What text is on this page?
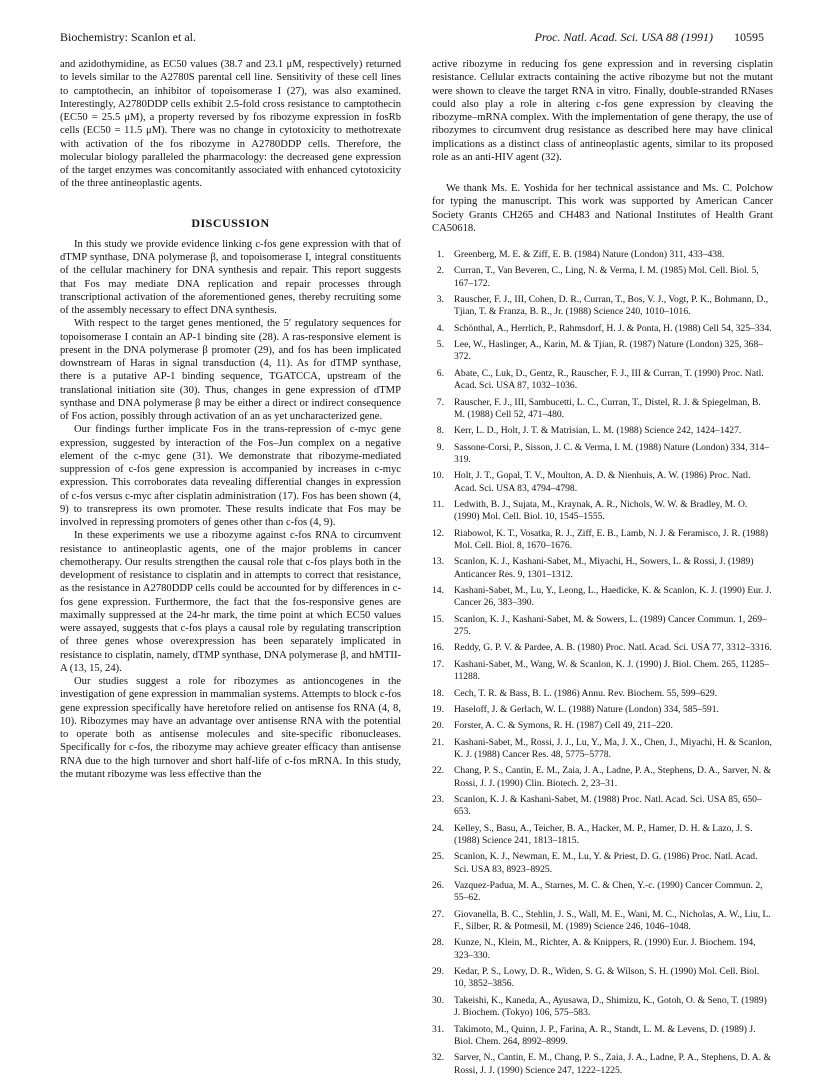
Biochemistry: Scanlon et al.	Proc. Natl. Acad. Sci. USA 88 (1991) 10595

and azidothymidine, as EC50 values (38.7 and 23.1 μM, respectively) returned to levels similar to the A2780S parental cell line. Sensitivity of these cell lines to camptothecin, an inhibitor of topoisomerase I (27), was also examined. Interestingly, A2780DDP cells exhibit 2.5-fold cross resistance to camptothecin (EC50 = 25.5 μM), a property reversed by fos ribozyme expression in fosRb cells (EC50 = 11.5 μM). There was no change in cytotoxicity to methotrexate with activation of the fos ribozyme in A2780DDP cells. Therefore, the molecular biology paralleled the pharmacology: the decreased gene expression of the target enzymes was concomitantly associated with enhanced cytotoxicity of the three antineoplastic agents.

DISCUSSION

In this study we provide evidence linking c-fos gene expression with that of dTMP synthase, DNA polymerase β, and topoisomerase I, integral constituents of the cellular machinery for DNA synthesis and repair. This report suggests that Fos may mediate DNA replication and repair processes through transcriptional activation of the aforementioned genes, thereby recruiting some of the assembly necessary to effect DNA synthesis.

With respect to the target genes mentioned, the 5′ regulatory sequences for topoisomerase I contain an AP-1 binding site (28). A ras-responsive element is present in the DNA polymerase β promoter (29), and fos has been implicated downstream of Haras in signal transduction (4, 11). As for dTMP synthase, there is a putative AP-1 binding sequence, TGATCCA, upstream of the translational initiation site (30). Thus, changes in gene expression of dTMP synthase and DNA polymerase β may be either a direct or indirect consequence of Fos action, possibly through activation of an as yet uncharacterized gene.

Our findings further implicate Fos in the trans-repression of c-myc gene expression, suggested by interaction of the Fos–Jun complex on a negative element of the c-myc gene (31). We demonstrate that ribozyme-mediated suppression of c-fos gene expression is accompanied by increases in c-myc expression. This corroborates data revealing differential changes in expression of c-fos versus c-myc after cisplatin administration (17). Fos has been shown (4, 9) to transrepress its own promoter. These results indicate that Fos may be involved in repressing promoters of genes other than c-fos (4, 9).

In these experiments we use a ribozyme against c-fos RNA to circumvent resistance to antineoplastic agents, one of the major problems in cancer chemotherapy. Our results strengthen the causal role that c-fos plays both in the development of resistance to cisplatin and in attempts to correct that resistance, as the resistance in A2780DDP cells could be accounted for by differences in c-fos gene expression. Furthermore, the fact that the fos-responsive genes are maximally suppressed at the 24-hr mark, the time point at which EC50 values were assayed, suggests that c-fos plays a causal role by regulating transcription of three genes whose overexpression has been separately implicated in resistance to cisplatin, namely, dTMP synthase, DNA polymerase β, and hMTII-A (13, 15, 24).

Our studies suggest a role for ribozymes as antioncogenes in the investigation of gene expression in mammalian systems. Attempts to block c-fos gene expression specifically have heretofore relied on antisense fos RNA (4, 8, 10). Ribozymes may have an advantage over antisense RNA with the potential to operate both as antisense molecules and site-specific ribonucleases. Specifically for c-fos, the ribozyme may achieve greater efficacy than antisense RNA due to the high turnover and short half-life of c-fos mRNA. In this study, the mutant ribozyme was less effective than the

active ribozyme in reducing fos gene expression and in reversing cisplatin resistance. Cellular extracts containing the active ribozyme but not the mutant were shown to cleave the target RNA in vitro. Finally, double-stranded RNases could also play a role in altering c-fos gene expression by cleaving the ribozyme–mRNA complex. With the implementation of gene therapy, the use of ribozymes to circumvent drug resistance as described here may have clinical implications as a distinct class of antineoplastic agents, similar to its proposed role as an anti-HIV agent (32).

We thank Ms. E. Yoshida for her technical assistance and Ms. C. Polchow for typing the manuscript. This work was supported by American Cancer Society Grants CH265 and CH483 and National Institutes of Health Grant CA50618.

1. Greenberg, M. E. & Ziff, E. B. (1984) Nature (London) 311, 433–438.
2. Curran, T., Van Beveren, C., Ling, N. & Verma, I. M. (1985) Mol. Cell. Biol. 5, 167–172.
3. Rauscher, F. J., III, Cohen, D. R., Curran, T., Bos, V. J., Vogt, P. K., Bohmann, D., Tjian, T. & Franza, B. R., Jr. (1988) Science 240, 1010–1016.
4. Schönthal, A., Herrlich, P., Rahmsdorf, H. J. & Ponta, H. (1988) Cell 54, 325–334.
5. Lee, W., Haslinger, A., Karin, M. & Tjian, R. (1987) Nature (London) 325, 368–372.
6. Abate, C., Luk, D., Gentz, R., Rauscher, F. J., III & Curran, T. (1990) Proc. Natl. Acad. Sci. USA 87, 1032–1036.
7. Rauscher, F. J., III, Sambucetti, L. C., Curran, T., Distel, R. J. & Spiegelman, B. M. (1988) Cell 52, 471–480.
8. Kerr, L. D., Holt, J. T. & Matrisian, L. M. (1988) Science 242, 1424–1427.
9. Sassone-Corsi, P., Sisson, J. C. & Verma, I. M. (1988) Nature (London) 334, 314–319.
10. Holt, J. T., Gopal, T. V., Moulton, A. D. & Nienhuis, A. W. (1986) Proc. Natl. Acad. Sci. USA 83, 4794–4798.
11. Ledwith, B. J., Sujata, M., Kraynak, A. R., Nichols, W. W. & Bradley, M. O. (1990) Mol. Cell. Biol. 10, 1545–1555.
12. Riabowol, K. T., Vosatka, R. J., Ziff, E. B., Lamb, N. J. & Feramisco, J. R. (1988) Mol. Cell. Biol. 8, 1670–1676.
13. Scanlon, K. J., Kashani-Sabet, M., Miyachi, H., Sowers, L. & Rossi, J. (1989) Anticancer Res. 9, 1301–1312.
14. Kashani-Sabet, M., Lu, Y., Leong, L., Haedicke, K. & Scanlon, K. J. (1990) Eur. J. Cancer 26, 383–390.
15. Scanlon, K. J., Kashani-Sabet, M. & Sowers, L. (1989) Cancer Commun. 1, 269–275.
16. Reddy, G. P. V. & Pardee, A. B. (1980) Proc. Natl. Acad. Sci. USA 77, 3312–3316.
17. Kashani-Sabet, M., Wang, W. & Scanlon, K. J. (1990) J. Biol. Chem. 265, 11285–11288.
18. Cech, T. R. & Bass, B. L. (1986) Annu. Rev. Biochem. 55, 599–629.
19. Haseloff, J. & Gerlach, W. L. (1988) Nature (London) 334, 585–591.
20. Forster, A. C. & Symons, R. H. (1987) Cell 49, 211–220.
21. Kashani-Sabet, M., Rossi, J. J., Lu, Y., Ma, J. X., Chen, J., Miyachi, H. & Scanlon, K. J. (1988) Cancer Res. 48, 5775–5778.
22. Chang, P. S., Cantin, E. M., Zaia, J. A., Ladne, P. A., Stephens, D. A., Sarver, N. & Rossi, J. J. (1990) Clin. Biotech. 2, 23–31.
23. Scanlon, K. J. & Kashani-Sabet, M. (1988) Proc. Natl. Acad. Sci. USA 85, 650–653.
24. Kelley, S., Basu, A., Teicher, B. A., Hacker, M. P., Hamer, D. H. & Lazo, J. S. (1988) Science 241, 1813–1815.
25. Scanlon, K. J., Newman, E. M., Lu, Y. & Priest, D. G. (1986) Proc. Natl. Acad. Sci. USA 83, 8923–8925.
26. Vazquez-Padua, M. A., Starnes, M. C. & Chen, Y.-c. (1990) Cancer Commun. 2, 55–62.
27. Giovanella, B. C., Stehlin, J. S., Wall, M. E., Wani, M. C., Nicholas, A. W., Liu, L. F., Silber, R. & Potmesil, M. (1989) Science 246, 1046–1048.
28. Kunze, N., Klein, M., Richter, A. & Knippers, R. (1990) Eur. J. Biochem. 194, 323–330.
29. Kedar, P. S., Lowy, D. R., Widen, S. G. & Wilson, S. H. (1990) Mol. Cell. Biol. 10, 3852–3856.
30. Takeishi, K., Kaneda, A., Ayusawa, D., Shimizu, K., Gotoh, O. & Seno, T. (1989) J. Biochem. (Tokyo) 106, 575–583.
31. Takimoto, M., Quinn, J. P., Farina, A. R., Standt, L. M. & Levens, D. (1989) J. Biol. Chem. 264, 8992–8999.
32. Sarver, N., Cantin, E. M., Chang, P. S., Zaia, J. A., Ladne, P. A., Stephens, D. A. & Rossi, J. J. (1990) Science 247, 1222–1225.
